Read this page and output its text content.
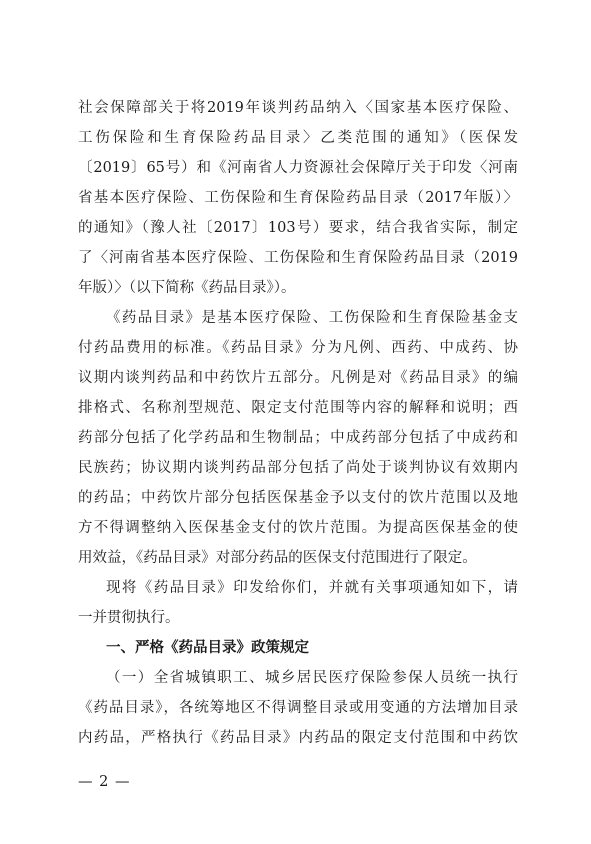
社会保障部关于将2019年谈判药品纳入〈国家基本医疗保险、
工伤保险和生育保险药品目录〉乙类范围的通知》（医保发
〔2019〕65号）和《河南省人力资源社会保障厅关于印发〈河南
省基本医疗保险、工伤保险和生育保险药品目录（2017年版）〉
的通知》（豫人社〔2017〕103号）要求，结合我省实际，制定
了〈河南省基本医疗保险、工伤保险和生育保险药品目录（2019
年版）〉（以下简称《药品目录》）。
《药品目录》是基本医疗保险、工伤保险和生育保险基金支
付药品费用的标准。《药品目录》分为凡例、西药、中成药、协
议期内谈判药品和中药饮片五部分。凡例是对《药品目录》的编
排格式、名称剂型规范、限定支付范围等内容的解释和说明；西
药部分包括了化学药品和生物制品；中成药部分包括了中成药和
民族药；协议期内谈判药品部分包括了尚处于谈判协议有效期内
的药品；中药饮片部分包括医保基金予以支付的饮片范围以及地
方不得调整纳入医保基金支付的饮片范围。为提高医保基金的使
用效益，《药品目录》对部分药品的医保支付范围进行了限定。
现将《药品目录》印发给你们，并就有关事项通知如下，请
一并贯彻执行。
一、严格《药品目录》政策规定
（一）全省城镇职工、城乡居民医疗保险参保人员统一执行
《药品目录》，各统筹地区不得调整目录或用变通的方法增加目录
内药品，严格执行《药品目录》内药品的限定支付范围和中药饮
— 2 —
